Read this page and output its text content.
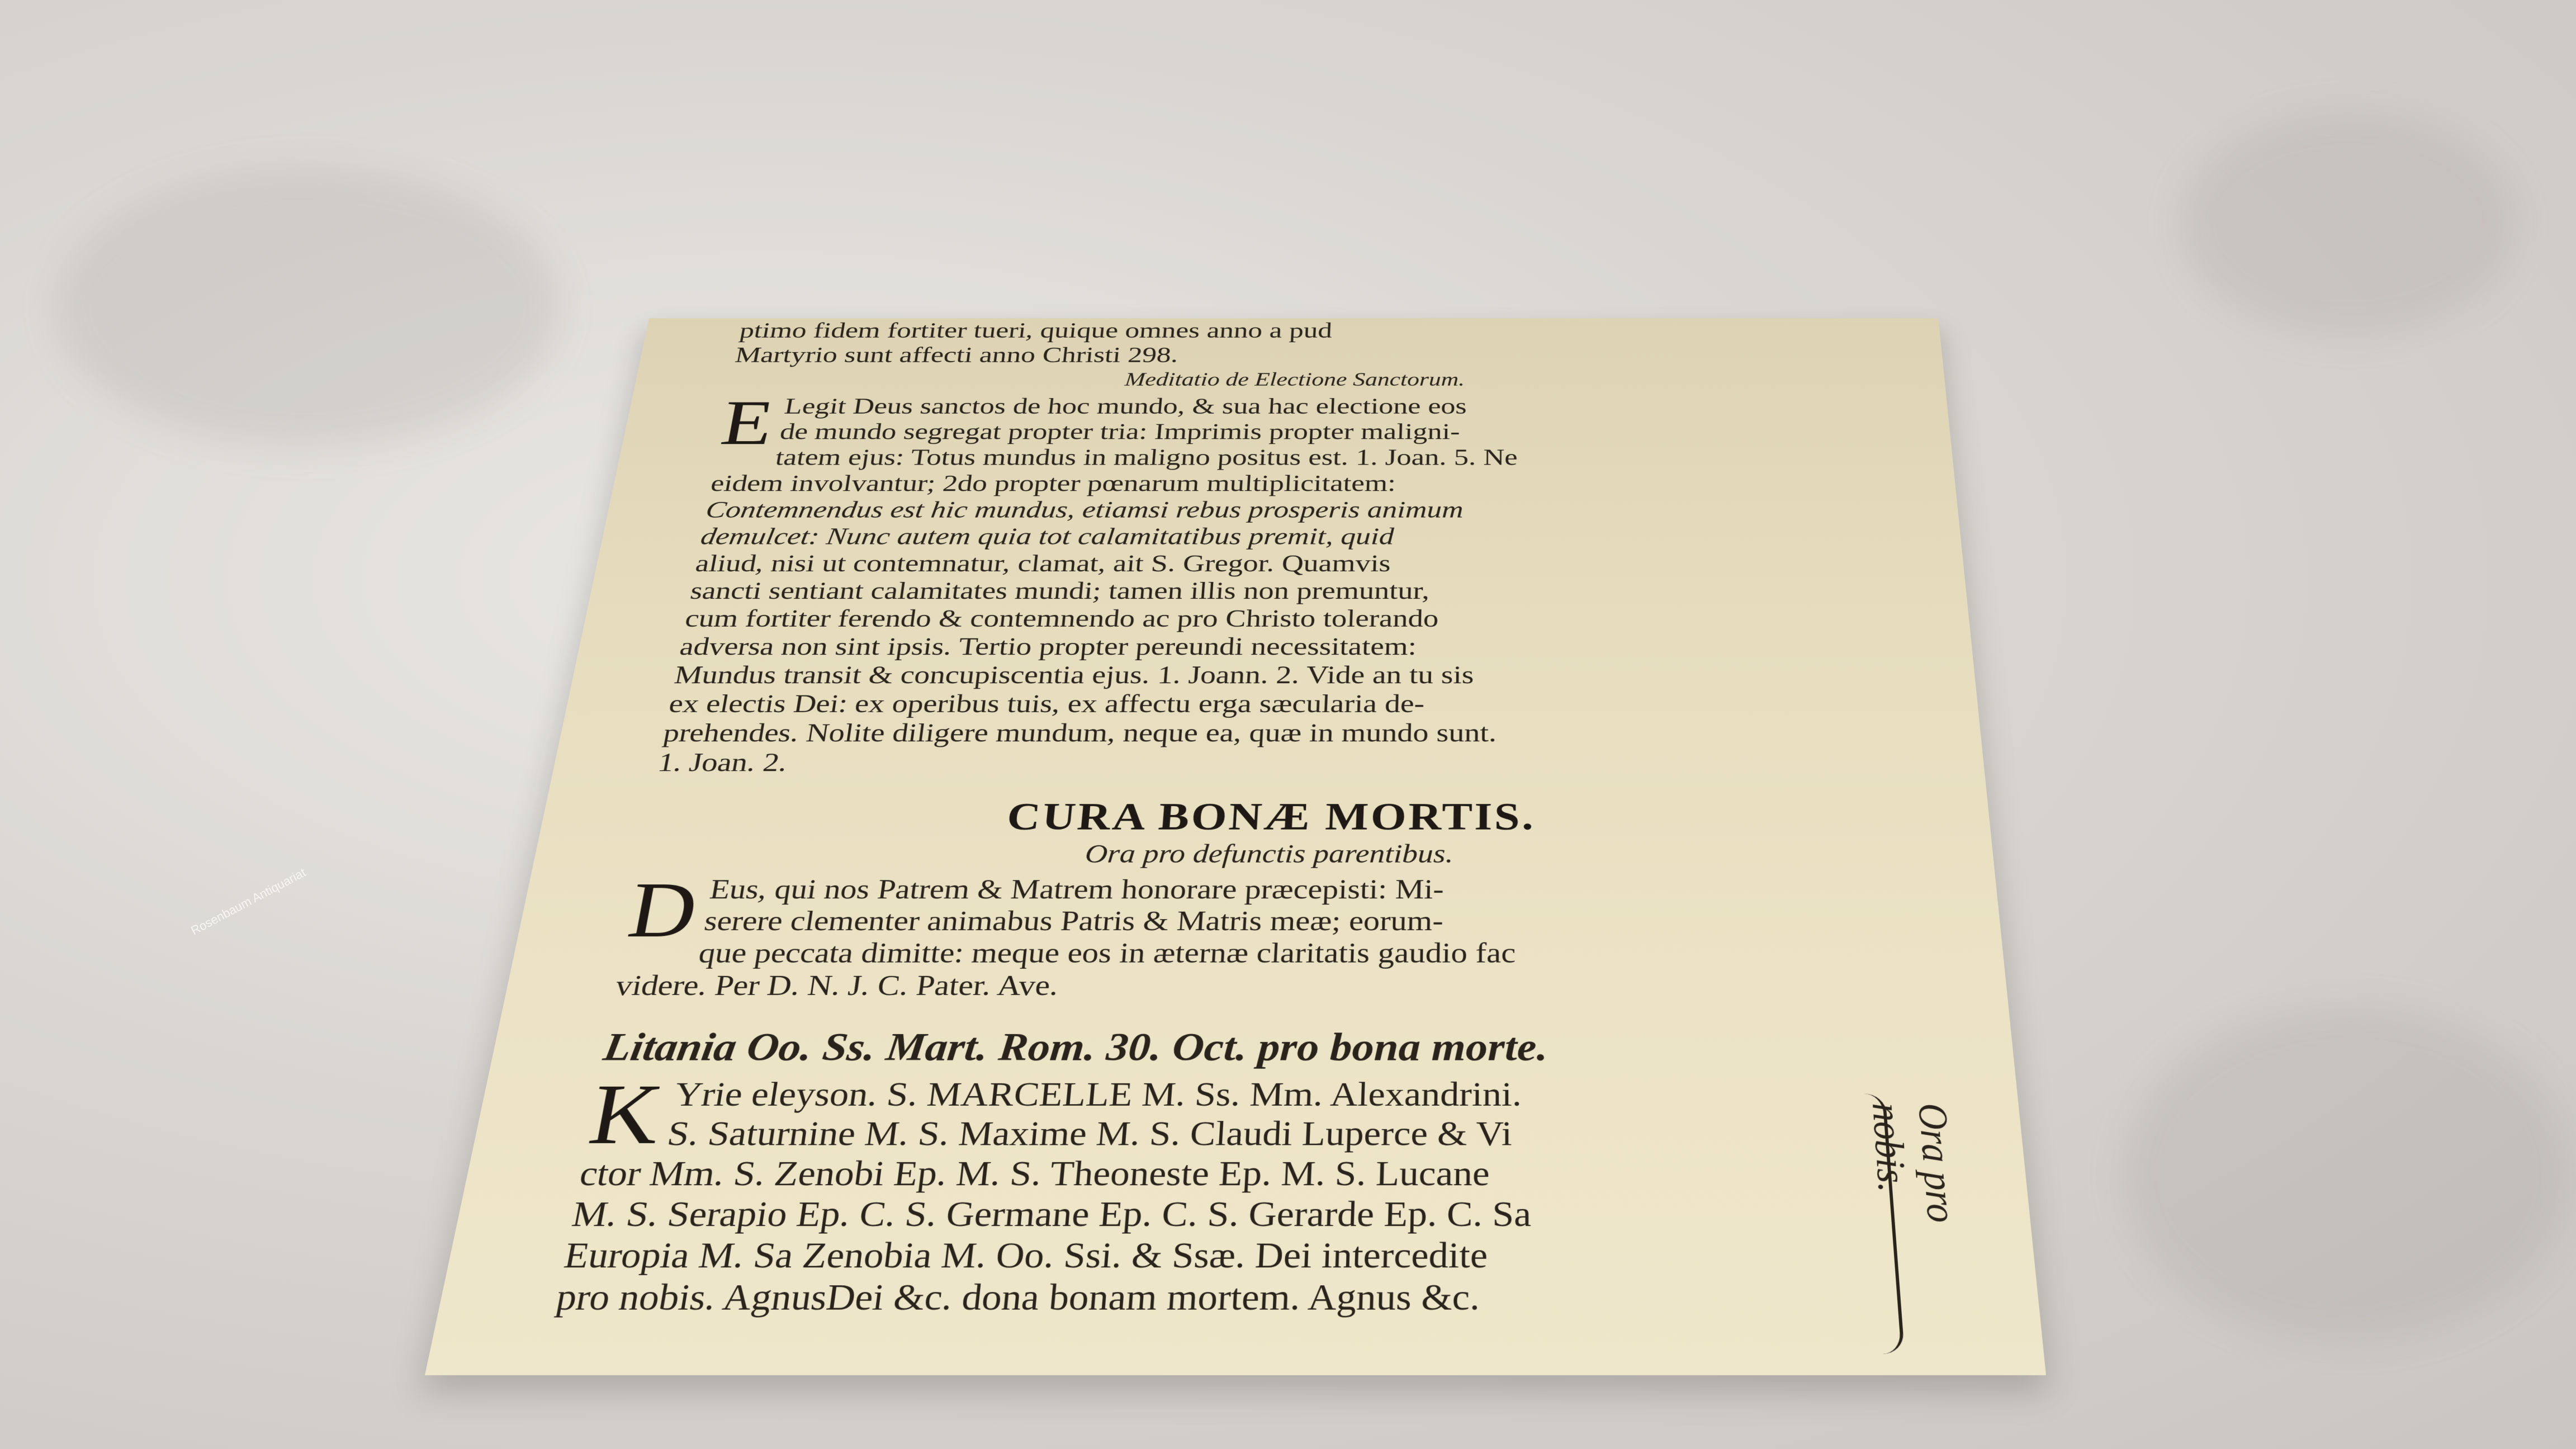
Rosenbaum Antiquariat
ptimo fidem fortiter tueri, quique omnes anno a pud
Martyrio sunt affecti anno Christi 298.
Meditatio de Electione Sanctorum.
E Legit Deus sanctos de hoc mundo, & sua hac electione eos
de mundo segregat propter tria: Imprimis propter maligni-
tatem ejus: Totus mundus in maligno positus est. 1. Joan. 5. Ne
eidem involvantur; 2do propter pœnarum multiplicitatem:
Contemnendus est hic mundus, etiamsi rebus prosperis animum
demulcet: Nunc autem quia tot calamitatibus premit, quid
aliud, nisi ut contemnatur, clamat, ait S. Gregor. Quamvis
sancti sentiant calamitates mundi; tamen illis non premuntur,
cum fortiter ferendo & contemnendo ac pro Christo tolerando
adversa non sint ipsis. Tertio propter pereundi necessitatem:
Mundus transit & concupiscentia ejus. 1. Joann. 2. Vide an tu sis
ex electis Dei: ex operibus tuis, ex affectu erga sæcularia de-
prehendes. Nolite diligere mundum, neque ea, quæ in mundo sunt.
1. Joan. 2.
CURA BONÆ MORTIS.
Ora pro defunctis parentibus.
D Eus, qui nos Patrem & Matrem honorare præcepisti: Mi-
serere clementer animabus Patris & Matris meæ; eorum-
que peccata dimitte: meque eos in æternæ claritatis gaudio fac
videre. Per D. N. J. C. Pater. Ave.
Litania Oo. Ss. Mart. Rom. 30. Oct. pro bona morte.
K Yrie eleyson. S. MARCELLE M. Ss. Mm. Alexandrini.
S. Saturnine M. S. Maxime M. S. Claudi Luperce & Vi
ctor Mm. S. Zenobi Ep. M. S. Theoneste Ep. M. S. Lucane
M. S. Serapio Ep. C. S. Germane Ep. C. S. Gerarde Ep. C. Sa
Europia M. Sa Zenobia M. Oo. Ssi. & Ssæ. Dei intercedite
pro nobis. AgnusDei &c. dona bonam mortem. Agnus &c.
Ora pro nobis.
